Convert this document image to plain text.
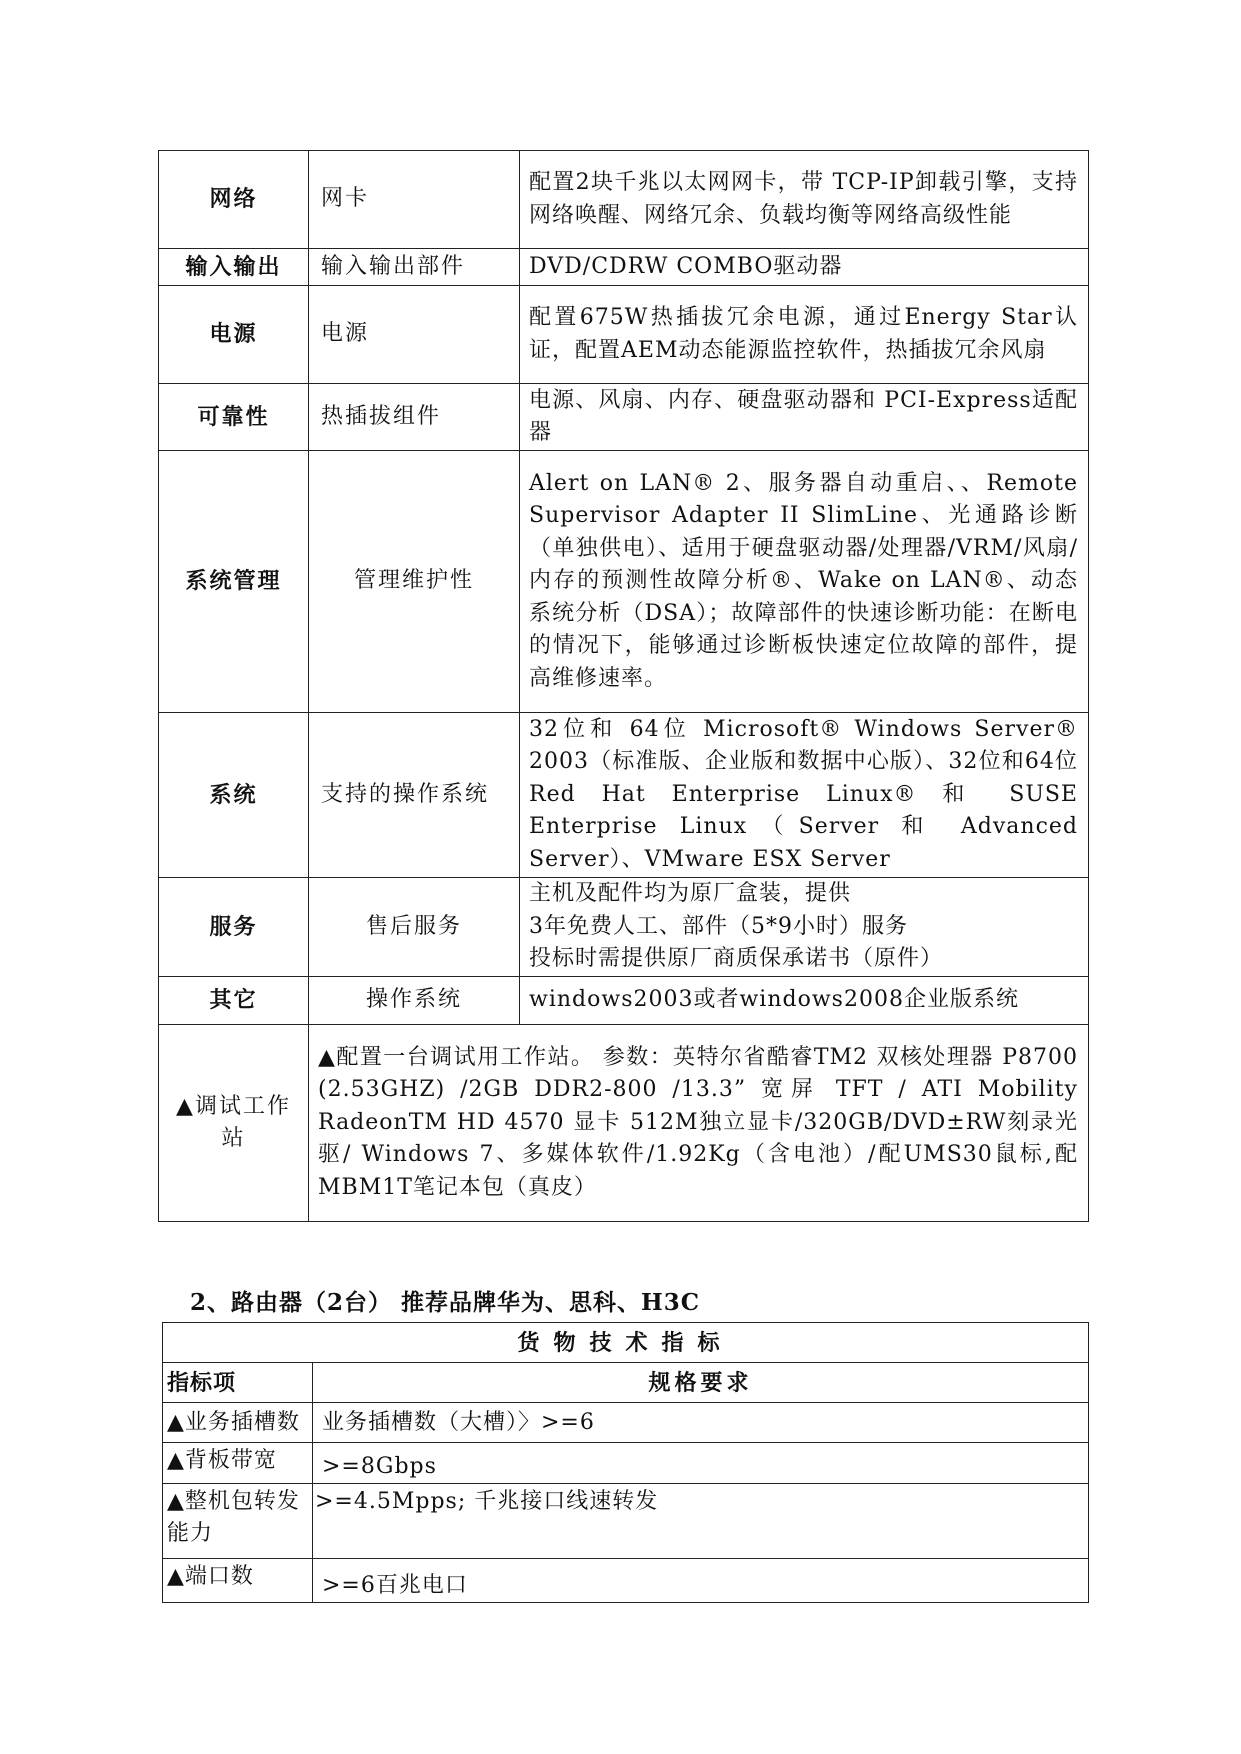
网络	网卡	配置2块千兆以太网网卡，带 TCP-IP卸载引擎，支持网络唤醒、网络冗余、负载均衡等网络高级性能
输入输出	输入输出部件	DVD/CDRW COMBO驱动器
电源	电源	配置675W热插拔冗余电源，通过Energy Star认证，配置AEM动态能源监控软件，热插拔冗余风扇
可靠性	热插拔组件	电源、风扇、内存、硬盘驱动器和 PCI-Express适配器
系统管理	管理维护性	Alert on LAN® 2、服务器自动重启、、Remote Supervisor Adapter II SlimLine、光通路诊断（单独供电）、适用于硬盘驱动器/处理器/VRM/风扇/内存的预测性故障分析®、Wake on LAN®、动态系统分析（DSA）；故障部件的快速诊断功能：在断电的情况下，能够通过诊断板快速定位故障的部件，提高维修速率。
系统	支持的操作系统	32位和 64位 Microsoft® Windows Server® 2003（标准版、企业版和数据中心版）、32位和64位 Red Hat Enterprise Linux® 和 SUSE Enterprise Linux（Server 和 Advanced Server）、VMware ESX Server
服务	售后服务	主机及配件均为原厂盒装，提供
3年免费人工、部件（5*9小时）服务
投标时需提供原厂商质保承诺书（原件）

其它	操作系统	windows2003或者windows2008企业版系统
▲调试工作站	▲配置一台调试用工作站。 参数：英特尔省酷睿TM2 双核处理器 P8700 (2.53GHZ) /2GB DDR2-800 /13.3” 宽屏 TFT / ATI Mobility RadeonTM HD 4570 显卡 512M独立显卡/320GB/DVD±RW刻录光驱/ Windows 7、多媒体软件/1.92Kg（含电池）/配UMS30鼠标,配MBM1T笔记本包（真皮）	
2、路由器（2台） 推荐品牌华为、思科、H3C
货物技术指标	
指标项	规格要求
▲业务插槽数	业务插槽数（大槽）〉>=6
▲背板带宽	>=8Gbps
▲整机包转发能力	>=4.5Mpps; 千兆接口线速转发
▲端口数	>=6百兆电口
